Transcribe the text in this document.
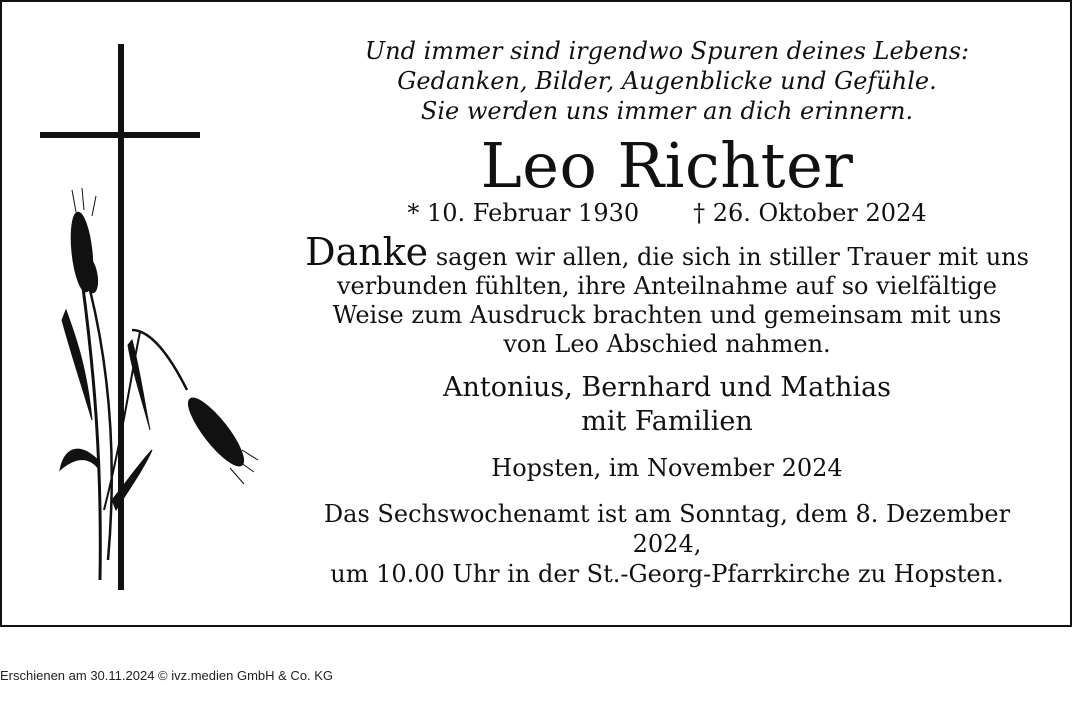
Und immer sind irgendwo Spuren deines Lebens:
Gedanken, Bilder, Augenblicke und Gefühle.
Sie werden uns immer an dich erinnern.
Leo Richter
* 10. Februar 1930 † 26. Oktober 2024
Danke sagen wir allen, die sich in stiller Trauer mit uns
verbunden fühlten, ihre Anteilnahme auf so vielfältige
Weise zum Ausdruck brachten und gemeinsam mit uns
von Leo Abschied nahmen.
Antonius, Bernhard und Mathias
mit Familien
Hopsten, im November 2024
Das Sechswochenamt ist am Sonntag, dem 8. Dezember 2024,
um 10.00 Uhr in der St.-Georg-Pfarrkirche zu Hopsten.
Erschienen am 30.11.2024 © ivz.medien GmbH & Co. KG
